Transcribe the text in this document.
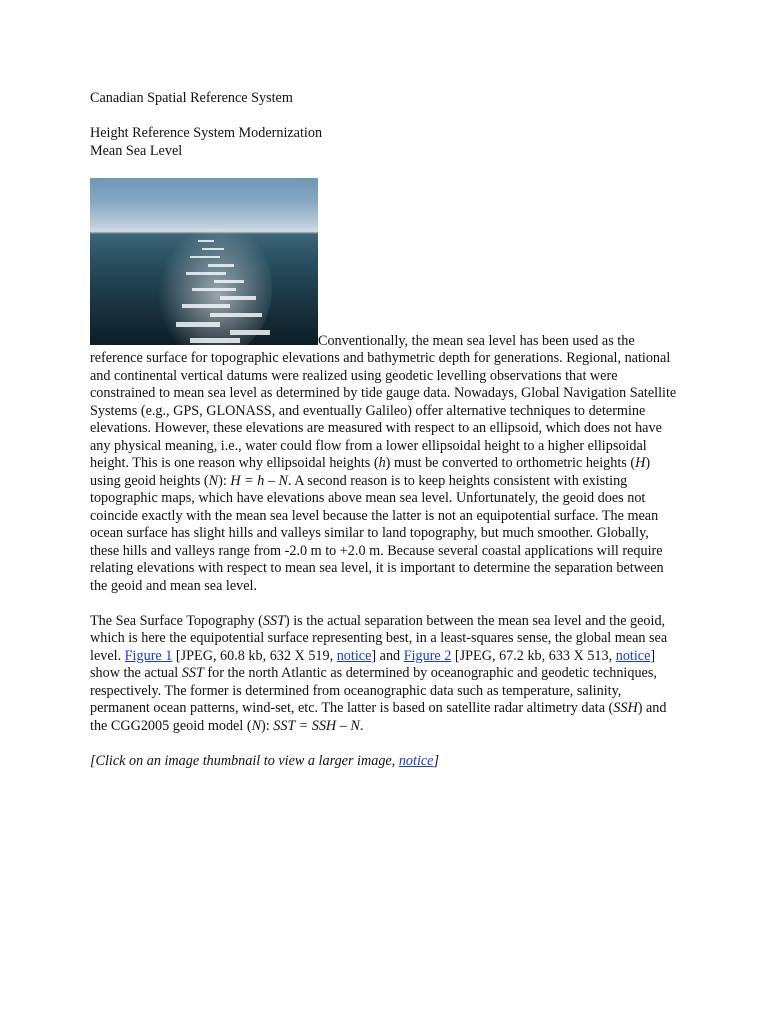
Canadian Spatial Reference System
Height Reference System Modernization
Mean Sea Level

Conventionally, the mean sea level has been used as the reference surface for topographic elevations and bathymetric depth for generations. Regional, national and continental vertical datums were realized using geodetic levelling observations that were constrained to mean sea level as determined by tide gauge data. Nowadays, Global Navigation Satellite Systems (e.g., GPS, GLONASS, and eventually Galileo) offer alternative techniques to determine elevations. However, these elevations are measured with respect to an ellipsoid, which does not have any physical meaning, i.e., water could flow from a lower ellipsoidal height to a higher ellipsoidal height. This is one reason why ellipsoidal heights (h) must be converted to orthometric heights (H) using geoid heights (N): H = h – N. A second reason is to keep heights consistent with existing topographic maps, which have elevations above mean sea level. Unfortunately, the geoid does not coincide exactly with the mean sea level because the latter is not an equipotential surface. The mean ocean surface has slight hills and valleys similar to land topography, but much smoother. Globally, these hills and valleys range from -2.0 m to +2.0 m. Because several coastal applications will require relating elevations with respect to mean sea level, it is important to determine the separation between the geoid and mean sea level.

The Sea Surface Topography (SST) is the actual separation between the mean sea level and the geoid, which is here the equipotential surface representing best, in a least-squares sense, the global mean sea level. Figure 1 [JPEG, 60.8 kb, 632 X 519, notice] and Figure 2 [JPEG, 67.2 kb, 633 X 513, notice] show the actual SST for the north Atlantic as determined by oceanographic and geodetic techniques, respectively. The former is determined from oceanographic data such as temperature, salinity, permanent ocean patterns, wind-set, etc. The latter is based on satellite radar altimetry data (SSH) and the CGG2005 geoid model (N): SST = SSH – N.

[Click on an image thumbnail to view a larger image, notice]
